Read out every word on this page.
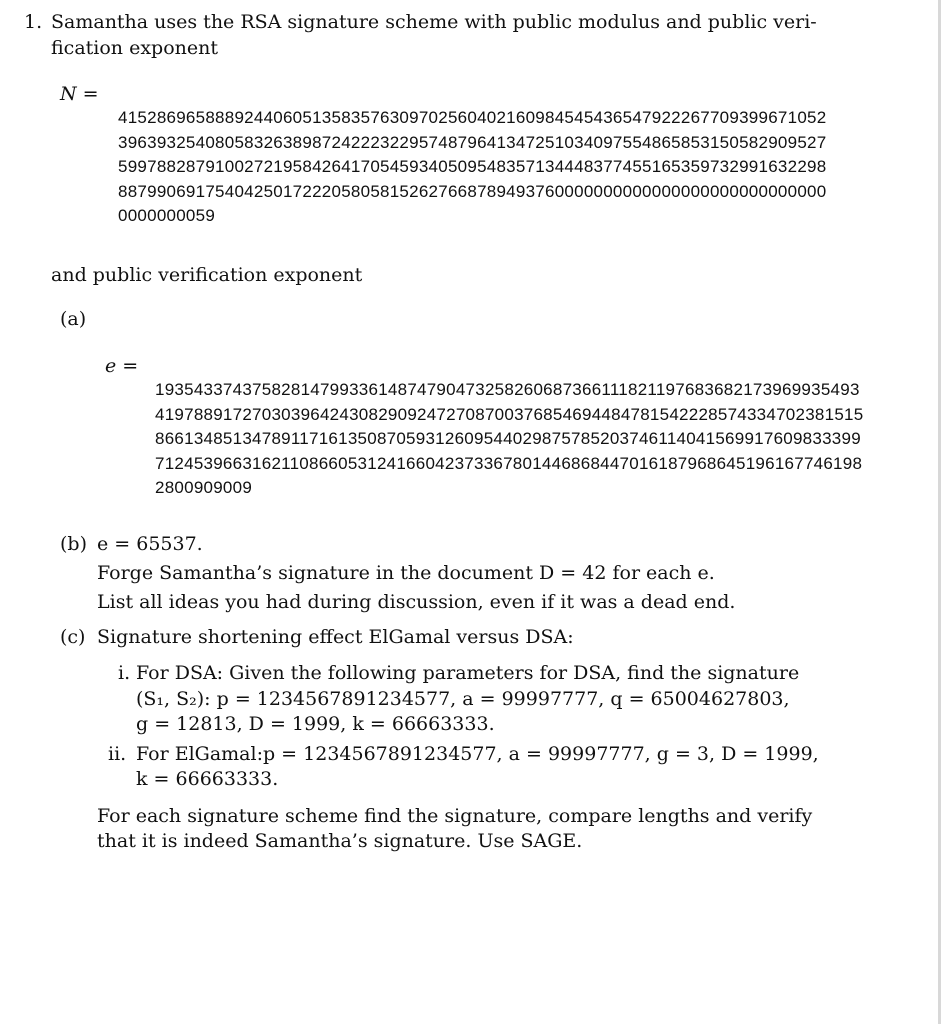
1. Samantha uses the RSA signature scheme with public modulus and public veri-
fication exponent
N =
4152869658889244060513583576309702560402160984545436547922267709399671052
3963932540805832638987242223229574879641347251034097554865853150582909527
5997882879100272195842641705459340509548357134448377455165359732991632298
8879906917540425017222058058152627668789493760000000000000000000000000000
0000000059
and public verification exponent
(a)
e =
1935433743758281479933614874790473258260687366111821197683682173969935493
4197889172703039642430829092472708700376854694484781542228574334702381515
8661348513478911716135087059312609544029875785203746114041569917609833399
7124539663162110866053124166042373367801446868447016187968645196167746198
2800909009
(b) e = 65537.
Forge Samantha’s signature in the document D = 42 for each e.
List all ideas you had during discussion, even if it was a dead end.
(c) Signature shortening effect ElGamal versus DSA:
i. For DSA: Given the following parameters for DSA, find the signature
(S₁, S₂): p = 1234567891234577, a = 99997777, q = 65004627803,
g = 12813, D = 1999, k = 66663333.
ii. For ElGamal:p = 1234567891234577, a = 99997777, g = 3, D = 1999,
k = 66663333.
For each signature scheme find the signature, compare lengths and verify
that it is indeed Samantha’s signature. Use SAGE.
